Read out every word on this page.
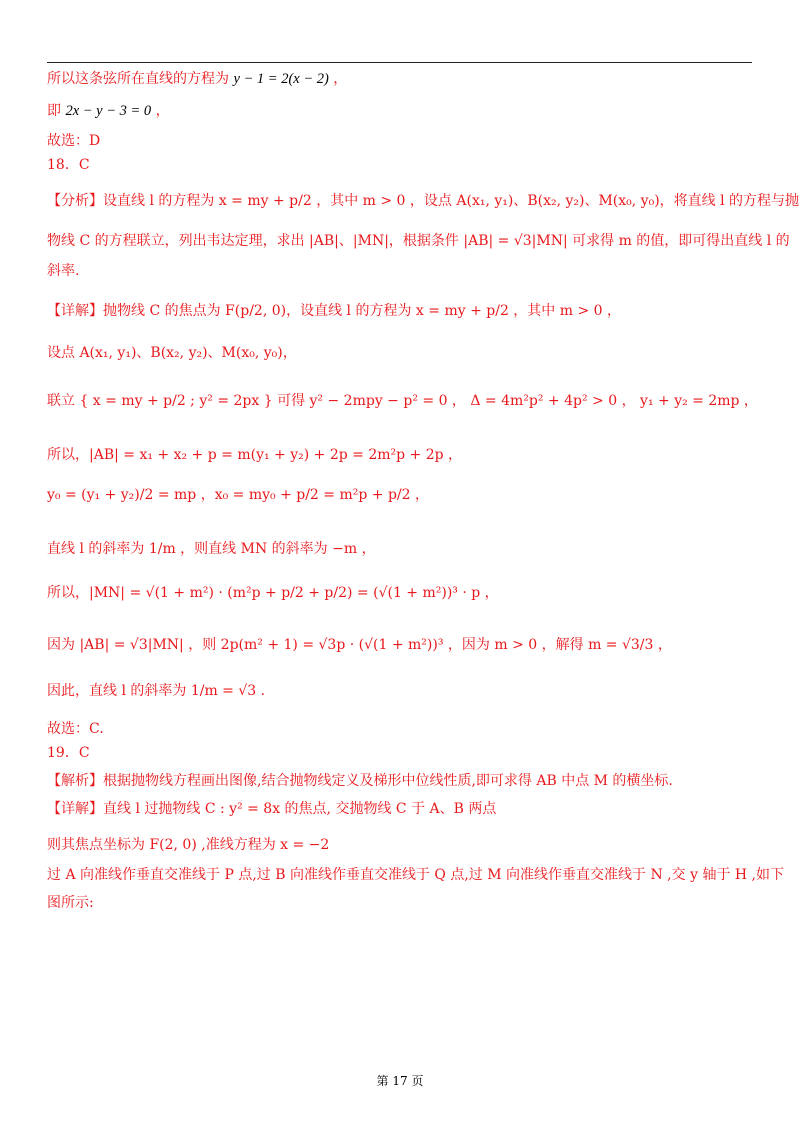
所以这条弦所在直线的方程为 y − 1 = 2(x − 2) ，
即 2x − y − 3 = 0 ，
故选：D
18．C
【分析】设直线 l 的方程为 x = my + p/2 ，其中 m > 0 ，设点 A(x₁, y₁)、B(x₂, y₂)、M(x₀, y₀)，将直线 l 的方程与抛
物线 C 的方程联立，列出韦达定理，求出 |AB|、|MN|，根据条件 |AB| = √3|MN| 可求得 m 的值，即可得出直线 l 的
斜率.
【详解】抛物线 C 的焦点为 F(p/2, 0)，设直线 l 的方程为 x = my + p/2 ，其中 m > 0 ，
设点 A(x₁, y₁)、B(x₂, y₂)、M(x₀, y₀)，
联立 { x = my + p/2 ; y² = 2px } 可得 y² − 2mpy − p² = 0 ， Δ = 4m²p² + 4p² > 0 ， y₁ + y₂ = 2mp ，
所以，|AB| = x₁ + x₂ + p = m(y₁ + y₂) + 2p = 2m²p + 2p ，
y₀ = (y₁ + y₂)/2 = mp ，x₀ = my₀ + p/2 = m²p + p/2 ，
直线 l 的斜率为 1/m ，则直线 MN 的斜率为 −m ，
所以，|MN| = √(1 + m²) · (m²p + p/2 + p/2) = (√(1 + m²))³ · p ，
因为 |AB| = √3|MN| ，则 2p(m² + 1) = √3p · (√(1 + m²))³ ，因为 m > 0 ，解得 m = √3/3 ，
因此，直线 l 的斜率为 1/m = √3 .
故选：C.
19．C
【解析】根据抛物线方程画出图像,结合抛物线定义及梯形中位线性质,即可求得 AB 中点 M 的横坐标.
【详解】直线 l 过抛物线 C : y² = 8x 的焦点, 交抛物线 C 于 A、B 两点
则其焦点坐标为 F(2, 0) ,准线方程为 x = −2
过 A 向准线作垂直交准线于 P 点,过 B 向准线作垂直交准线于 Q 点,过 M 向准线作垂直交准线于 N ,交 y 轴于 H ,如下
图所示:
第 17 页
